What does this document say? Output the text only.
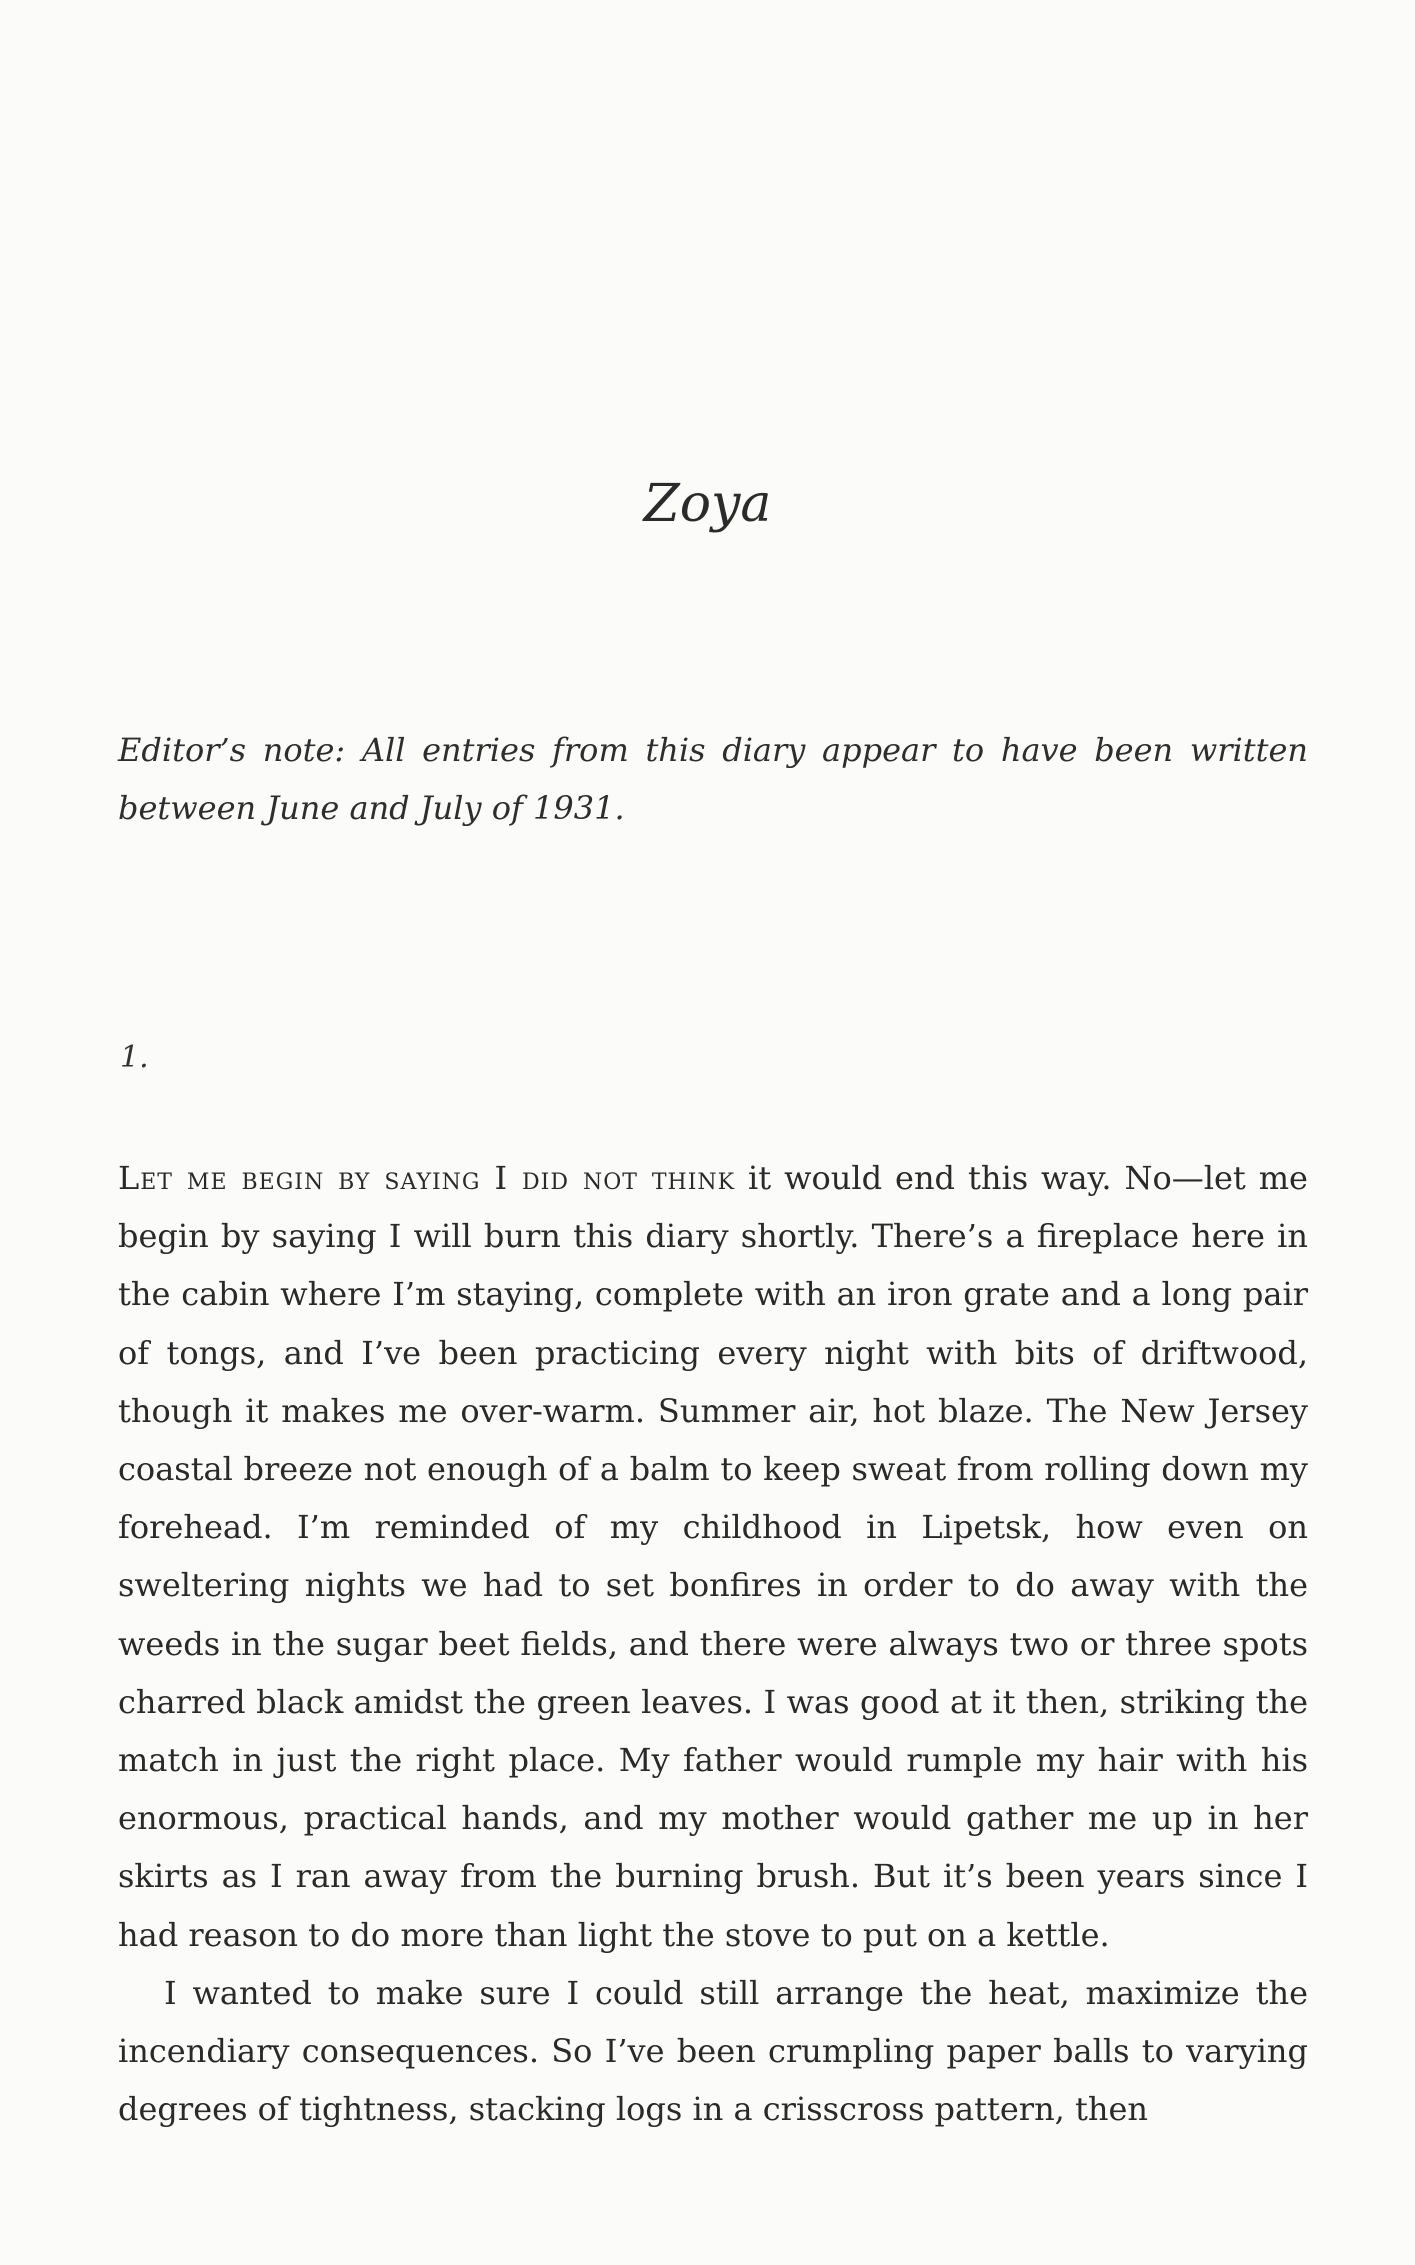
Zoya

Editor’s note: All entries from this diary appear to have been written between June and July of 1931.

1.

Let me begin by saying I did not think it would end this way. No—let me begin by saying I will burn this diary shortly. There’s a fireplace here in the cabin where I’m staying, complete with an iron grate and a long pair of tongs, and I’ve been practicing every night with bits of driftwood, though it makes me over-warm. Summer air, hot blaze. The New Jersey coastal breeze not enough of a balm to keep sweat from rolling down my forehead. I’m reminded of my childhood in Lipetsk, how even on sweltering nights we had to set bonfires in order to do away with the weeds in the sugar beet fields, and there were always two or three spots charred black amidst the green leaves. I was good at it then, striking the match in just the right place. My father would rumple my hair with his enormous, practical hands, and my mother would gather me up in her skirts as I ran away from the burning brush. But it’s been years since I had reason to do more than light the stove to put on a kettle.

I wanted to make sure I could still arrange the heat, maximize the incendiary consequences. So I’ve been crumpling paper balls to varying degrees of tightness, stacking logs in a crisscross pattern, then
